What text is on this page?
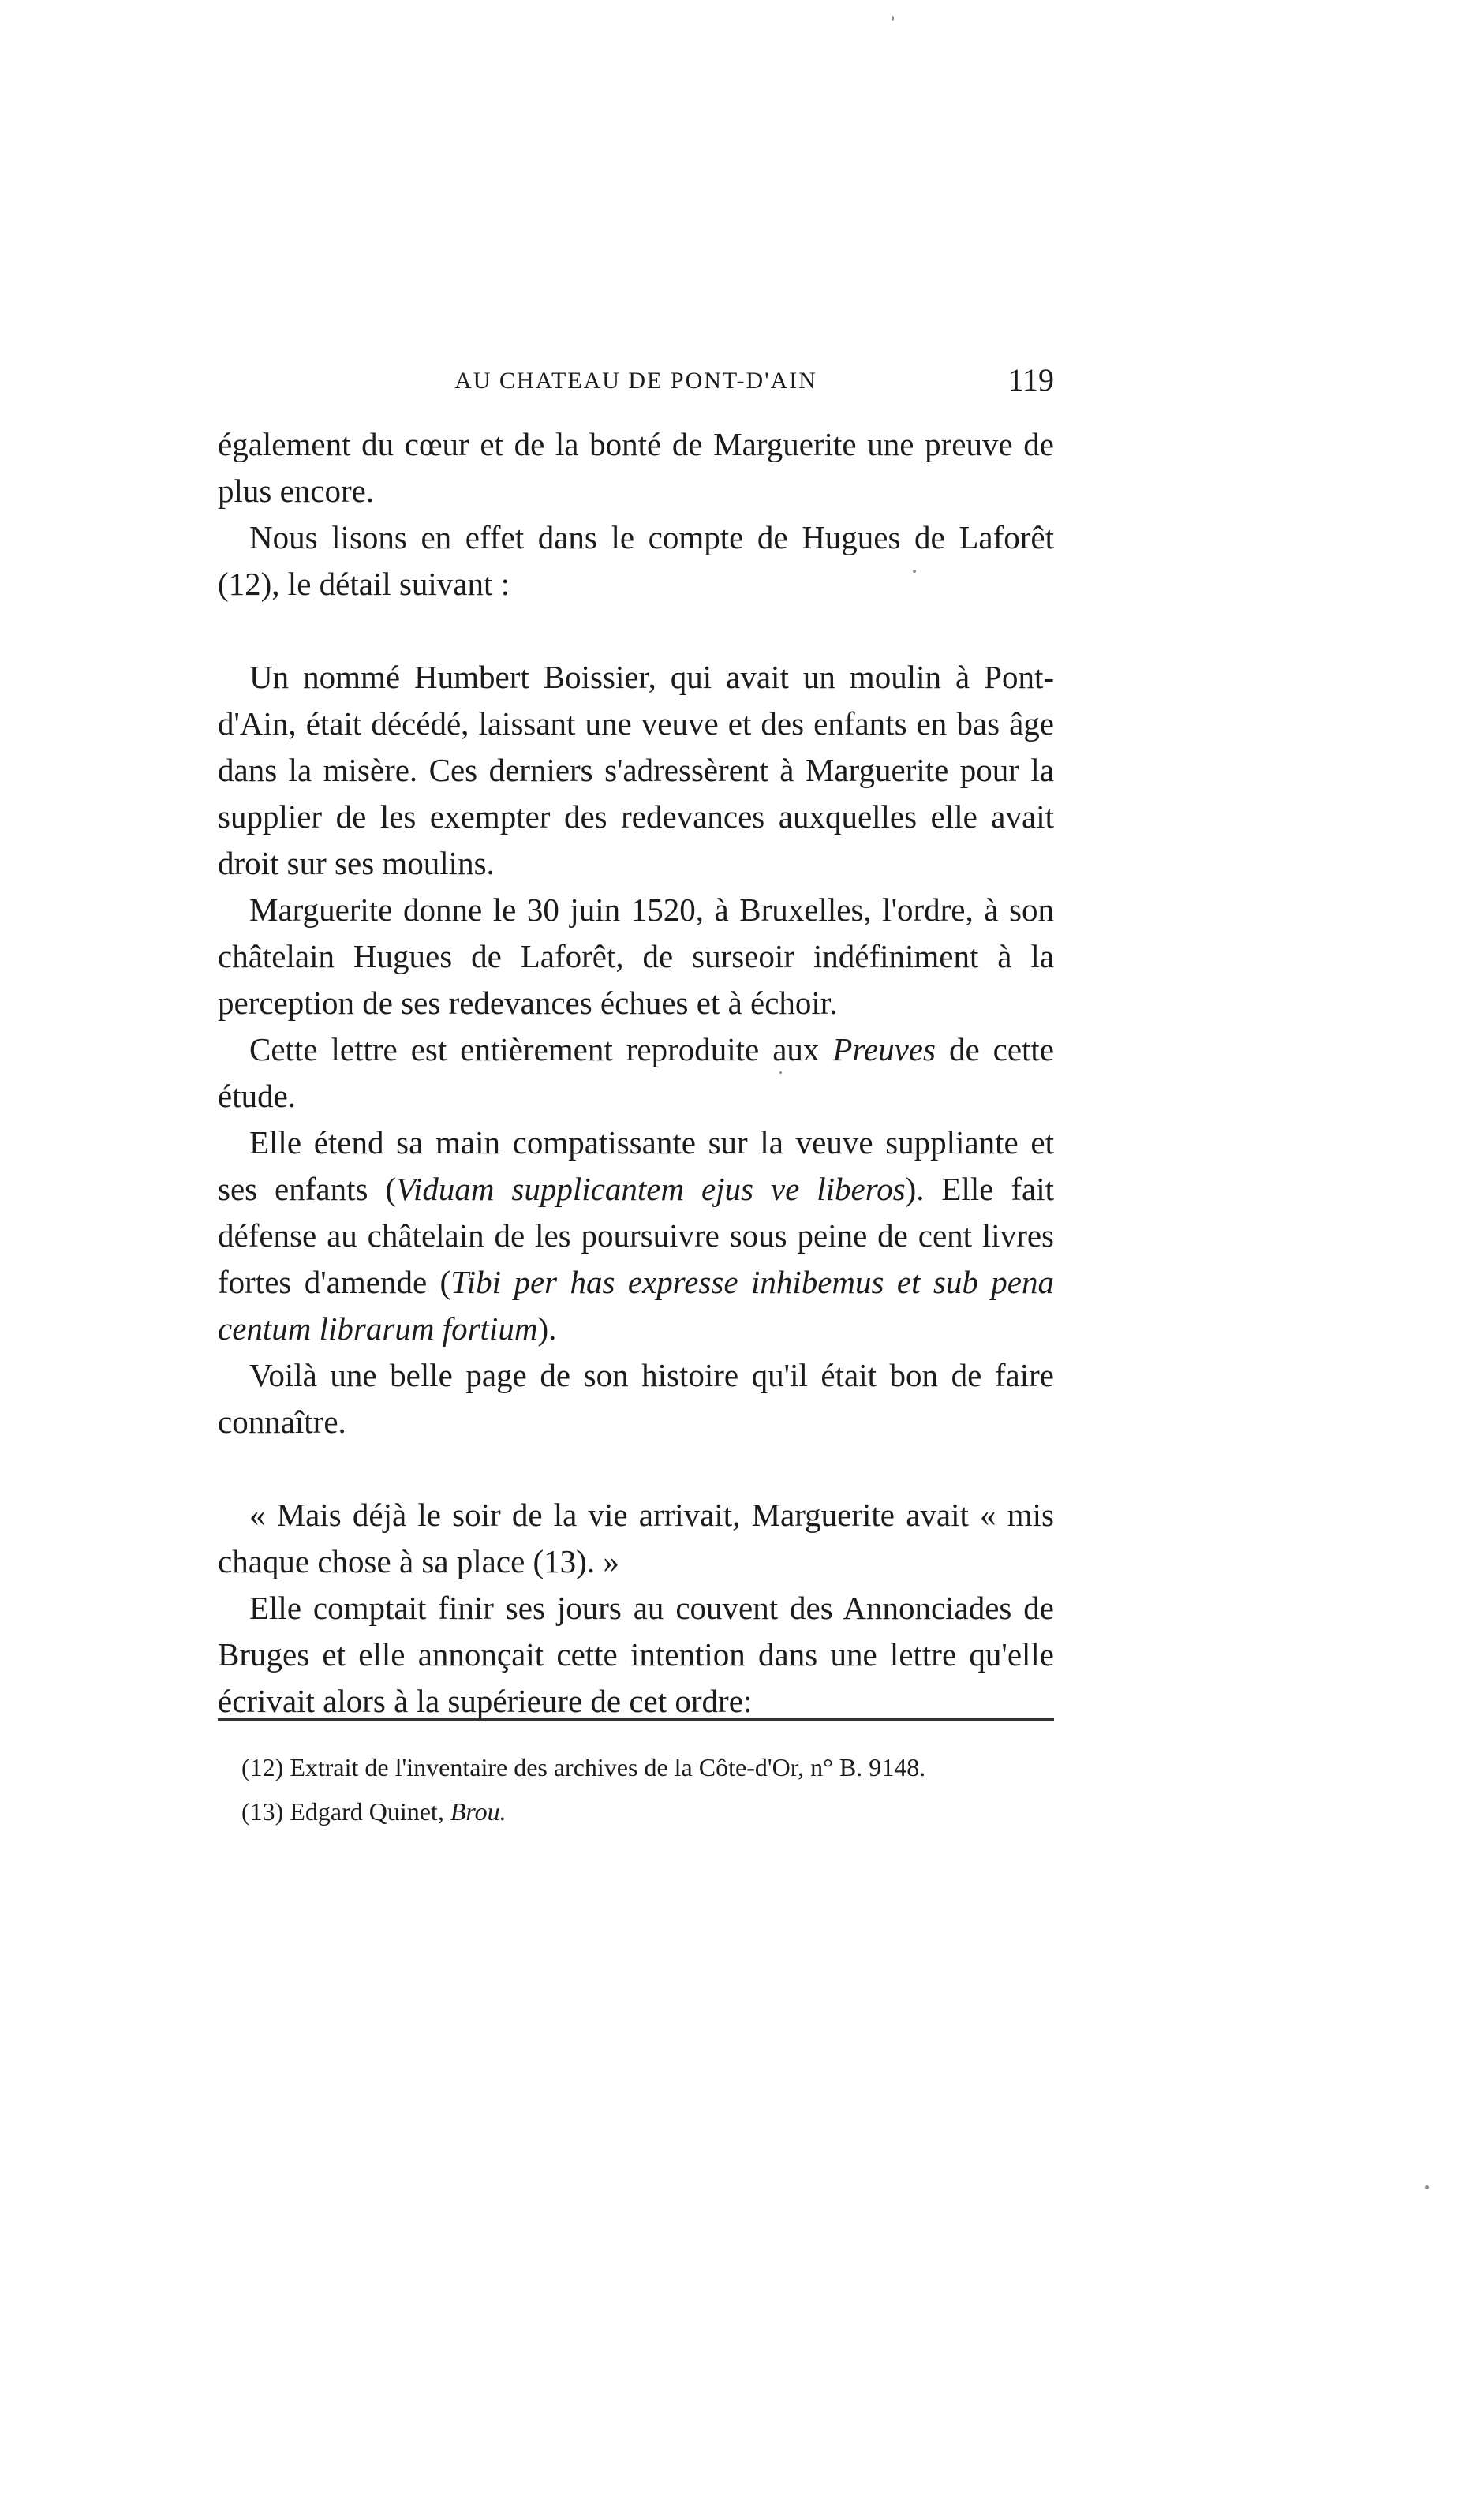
AU CHATEAU DE PONT-D'AIN	119

également du cœur et de la bonté de Marguerite une preuve de plus encore.

Nous lisons en effet dans le compte de Hugues de Laforêt (12), le détail suivant :

Un nommé Humbert Boissier, qui avait un moulin à Pont-d'Ain, était décédé, laissant une veuve et des enfants en bas âge dans la misère. Ces derniers s'adressèrent à Marguerite pour la supplier de les exempter des redevances auxquelles elle avait droit sur ses moulins.

Marguerite donne le 30 juin 1520, à Bruxelles, l'ordre, à son châtelain Hugues de Laforêt, de surseoir indéfiniment à la perception de ses redevances échues et à échoir.

Cette lettre est entièrement reproduite aux Preuves de cette étude.

Elle étend sa main compatissante sur la veuve suppliante et ses enfants (Viduam supplicantem ejus ve liberos). Elle fait défense au châtelain de les poursuivre sous peine de cent livres fortes d'amende (Tibi per has expresse inhibemus et sub pena centum librarum fortium).

Voilà une belle page de son histoire qu'il était bon de faire connaître.

« Mais déjà le soir de la vie arrivait, Marguerite avait « mis chaque chose à sa place (13). »

Elle comptait finir ses jours au couvent des Annonciades de Bruges et elle annonçait cette intention dans une lettre qu'elle écrivait alors à la supérieure de cet ordre:

(12) Extrait de l'inventaire des archives de la Côte-d'Or, n° B. 9148.

(13) Edgard Quinet, Brou.
